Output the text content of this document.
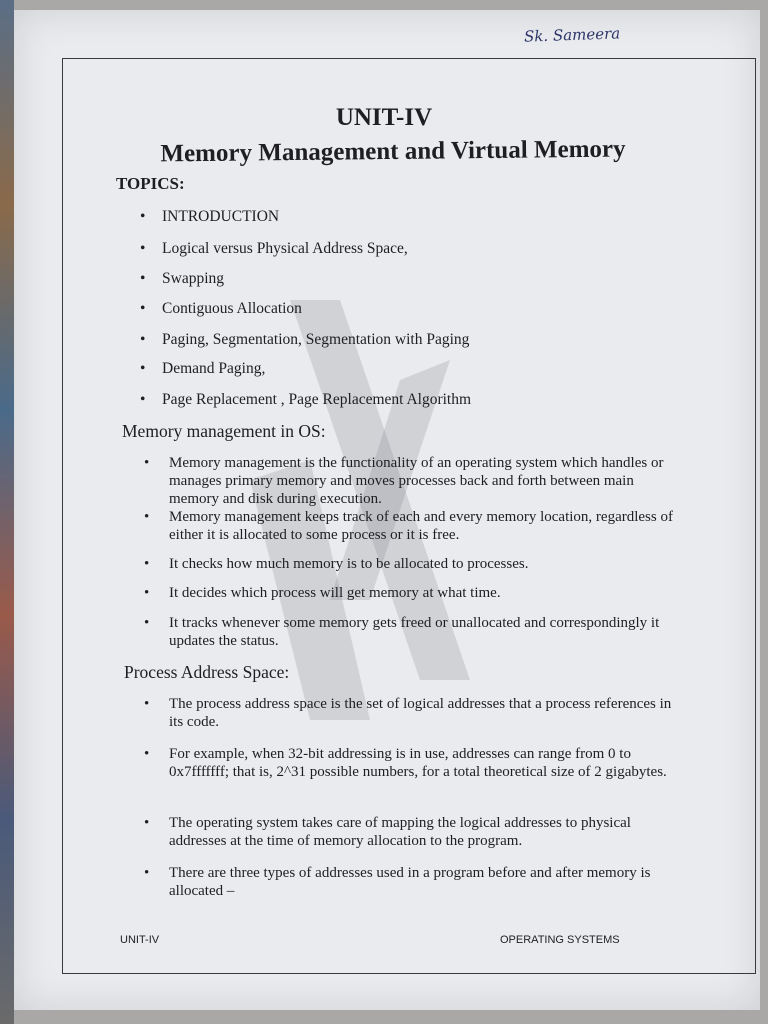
Sk. Sameera
UNIT-IV
Memory Management and Virtual Memory
TOPICS:
• INTRODUCTION
• Logical versus Physical Address Space,
• Swapping
• Contiguous Allocation
• Paging, Segmentation, Segmentation with Paging
• Demand Paging,
• Page Replacement , Page Replacement Algorithm
Memory management in OS:
• Memory management is the functionality of an operating system which handles or manages primary memory and moves processes back and forth between main memory and disk during execution.
• Memory management keeps track of each and every memory location, regardless of either it is allocated to some process or it is free.
• It checks how much memory is to be allocated to processes.
• It decides which process will get memory at what time.
• It tracks whenever some memory gets freed or unallocated and correspondingly it updates the status.
Process Address Space:
• The process address space is the set of logical addresses that a process references in its code.
• For example, when 32-bit addressing is in use, addresses can range from 0 to 0x7fffffff; that is, 2^31 possible numbers, for a total theoretical size of 2 gigabytes.
• The operating system takes care of mapping the logical addresses to physical addresses at the time of memory allocation to the program.
• There are three types of addresses used in a program before and after memory is allocated –
UNIT-IV	OPERATING SYSTEMS
